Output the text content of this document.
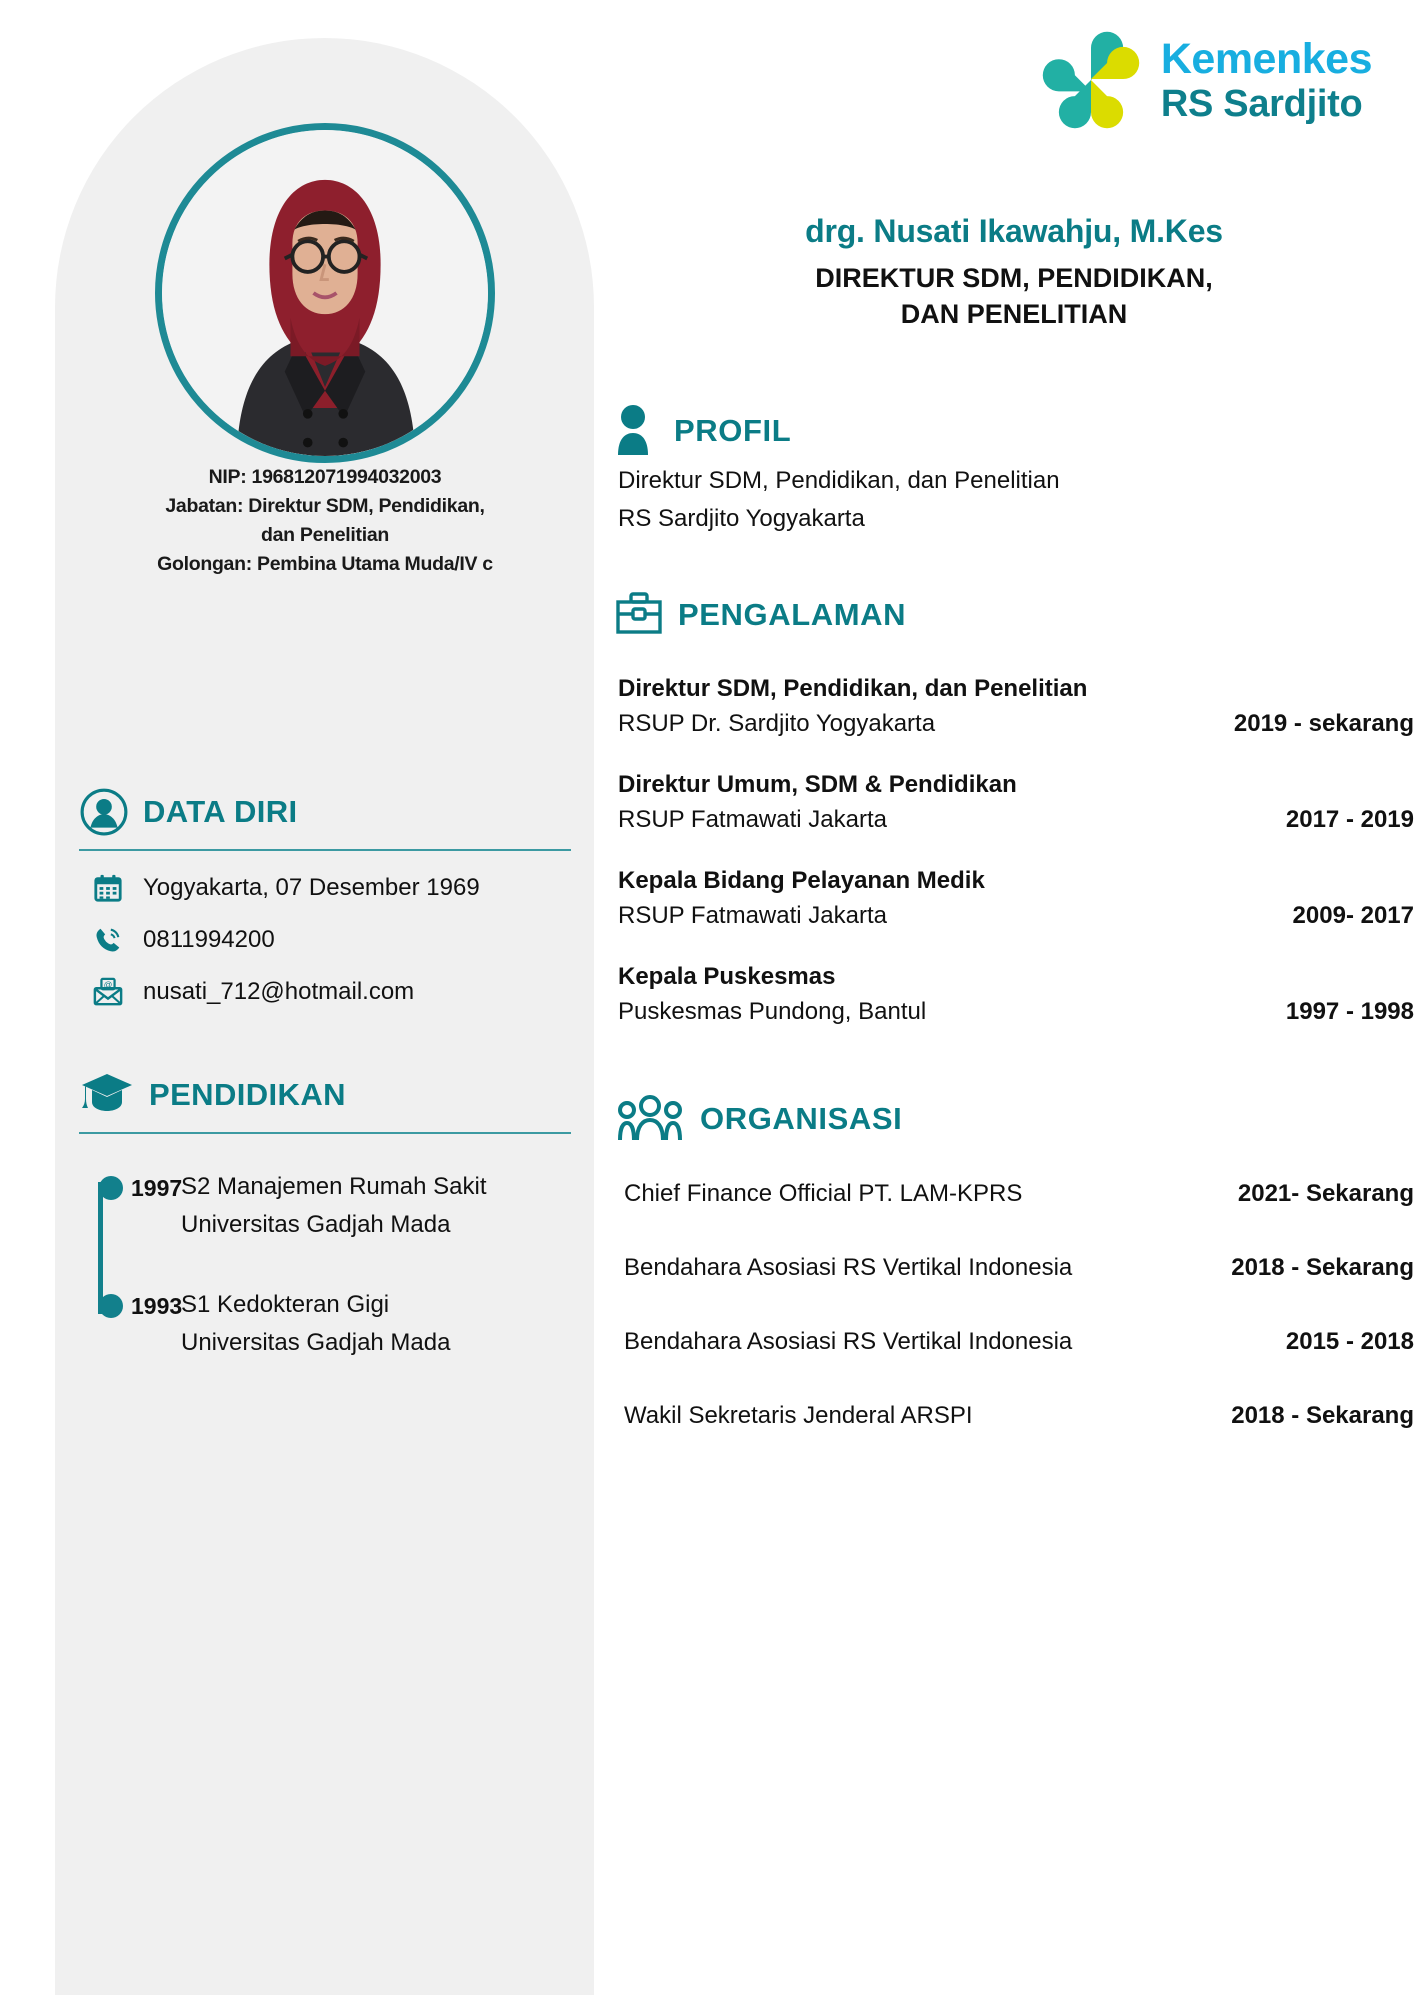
NIP: 196812071994032003
Jabatan: Direktur SDM, Pendidikan,
dan Penelitian
Golongan: Pembina Utama Muda/IV c
DATA DIRI
Yogyakarta, 07 Desember 1969
0811994200
@ nusati_712@hotmail.com
PENDIDIKAN
1997
S2 Manajemen Rumah Sakit
Universitas Gadjah Mada
1993
S1 Kedokteran Gigi
Universitas Gadjah Mada
Kemenkes
RS Sardjito
drg. Nusati Ikawahju, M.Kes
DIREKTUR SDM, PENDIDIKAN,
DAN PENELITIAN
PROFIL
Direktur SDM, Pendidikan, dan Penelitian
RS Sardjito Yogyakarta
PENGALAMAN
Direktur SDM, Pendidikan, dan Penelitian
RSUP Dr. Sardjito Yogyakarta	2019 - sekarang
Direktur Umum, SDM & Pendidikan
RSUP Fatmawati Jakarta	2017 - 2019
Kepala Bidang Pelayanan Medik
RSUP Fatmawati Jakarta	2009- 2017
Kepala Puskesmas
Puskesmas Pundong, Bantul	1997 - 1998
ORGANISASI
Chief Finance Official PT. LAM-KPRS	2021- Sekarang
Bendahara Asosiasi RS Vertikal Indonesia	2018 - Sekarang
Bendahara Asosiasi RS Vertikal Indonesia	2015 - 2018
Wakil Sekretaris Jenderal ARSPI	2018 - Sekarang
